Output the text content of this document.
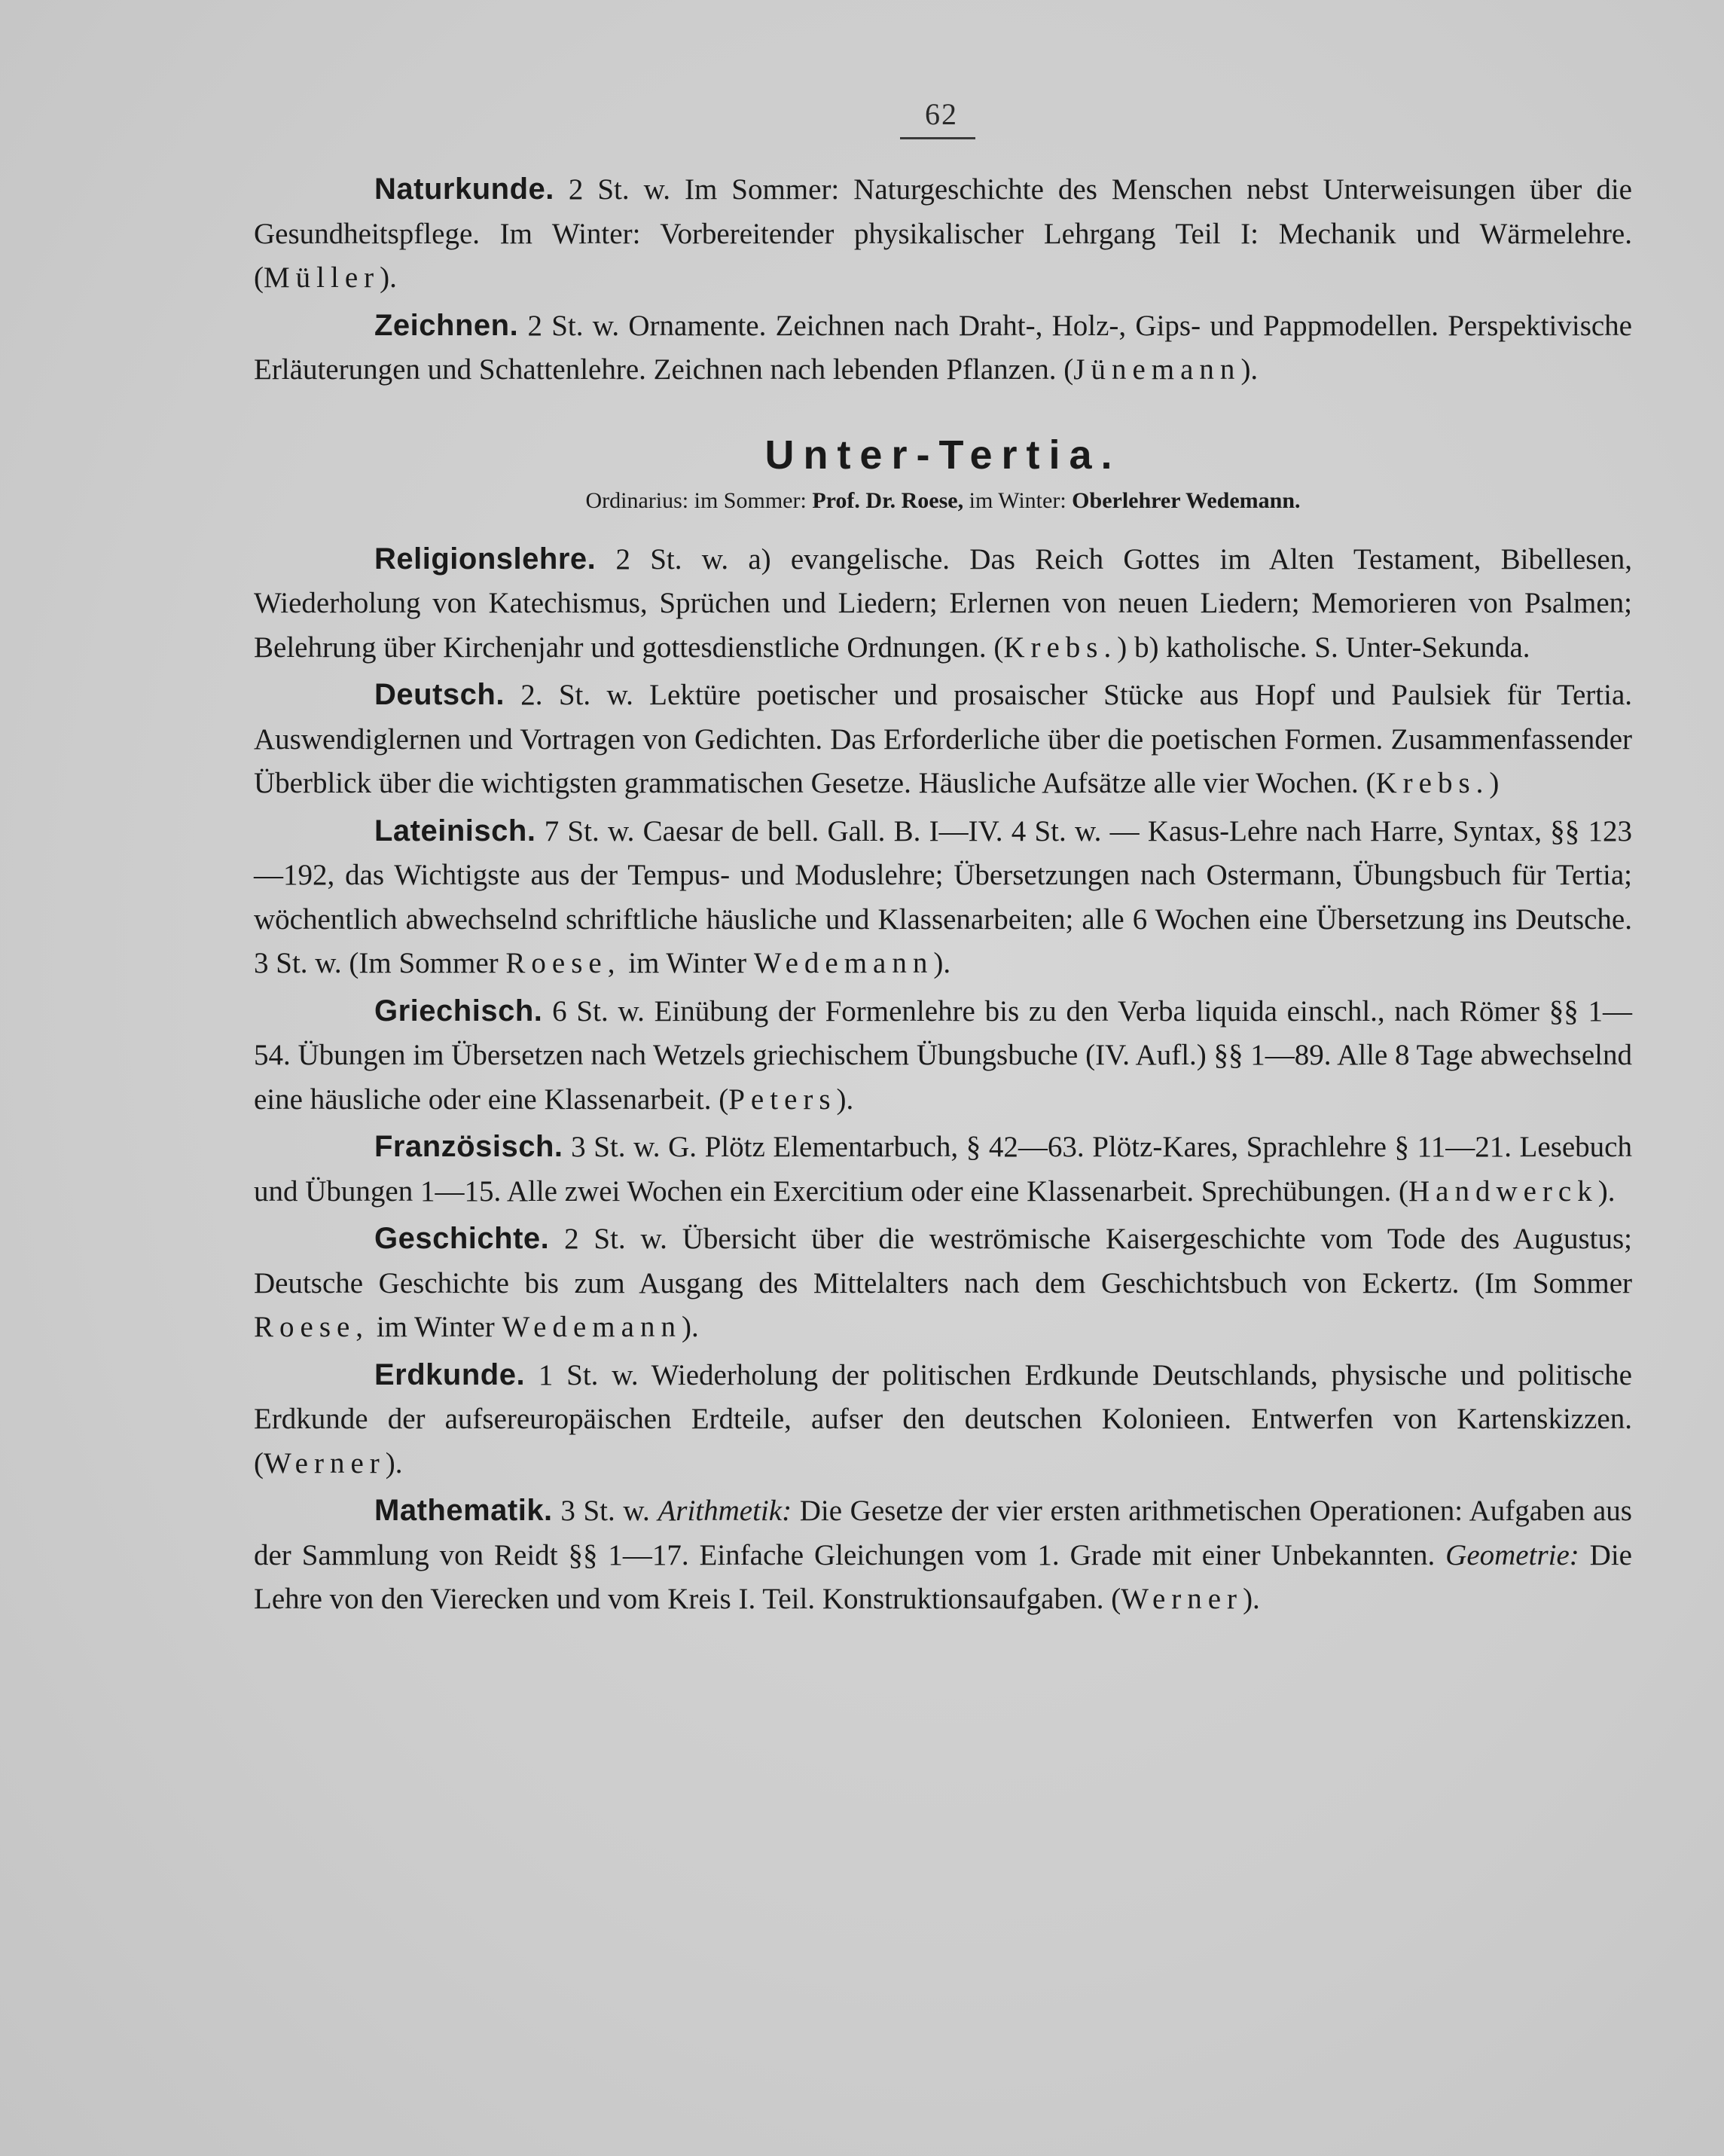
62

Naturkunde. 2 St. w. Im Sommer: Naturgeschichte des Menschen nebst Unterweisungen über die Gesundheitspflege. Im Winter: Vorbereitender physikalischer Lehrgang Teil I: Mechanik und Wärmelehre. (Müller).

Zeichnen. 2 St. w. Ornamente. Zeichnen nach Draht-, Holz-, Gips- und Pappmodellen. Perspektivische Erläuterungen und Schattenlehre. Zeichnen nach lebenden Pflanzen. (Jünemann).

Unter-Tertia.
Ordinarius: im Sommer: Prof. Dr. Roese, im Winter: Oberlehrer Wedemann.

Religionslehre. 2 St. w. a) evangelische. Das Reich Gottes im Alten Testament, Bibellesen, Wiederholung von Katechismus, Sprüchen und Liedern; Erlernen von neuen Liedern; Memorieren von Psalmen; Belehrung über Kirchenjahr und gottesdienstliche Ordnungen. (Krebs.) b) katholische. S. Unter-Sekunda.

Deutsch. 2. St. w. Lektüre poetischer und prosaischer Stücke aus Hopf und Paulsiek für Tertia. Auswendiglernen und Vortragen von Gedichten. Das Erforderliche über die poetischen Formen. Zusammenfassender Überblick über die wichtigsten grammatischen Gesetze. Häusliche Aufsätze alle vier Wochen. (Krebs.)

Lateinisch. 7 St. w. Caesar de bell. Gall. B. I—IV. 4 St. w. — Kasus-Lehre nach Harre, Syntax, §§ 123—192, das Wichtigste aus der Tempus- und Moduslehre; Übersetzungen nach Ostermann, Übungsbuch für Tertia; wöchentlich abwechselnd schriftliche häusliche und Klassenarbeiten; alle 6 Wochen eine Übersetzung ins Deutsche. 3 St. w. (Im Sommer Roese, im Winter Wedemann).

Griechisch. 6 St. w. Einübung der Formenlehre bis zu den Verba liquida einschl., nach Römer §§ 1—54. Übungen im Übersetzen nach Wetzels griechischem Übungsbuche (IV. Aufl.) §§ 1—89. Alle 8 Tage abwechselnd eine häusliche oder eine Klassenarbeit. (Peters).

Französisch. 3 St. w. G. Plötz Elementarbuch, § 42—63. Plötz-Kares, Sprachlehre § 11—21. Lesebuch und Übungen 1—15. Alle zwei Wochen ein Exercitium oder eine Klassenarbeit. Sprechübungen. (Handwerck).

Geschichte. 2 St. w. Übersicht über die weströmische Kaisergeschichte vom Tode des Augustus; Deutsche Geschichte bis zum Ausgang des Mittelalters nach dem Geschichtsbuch von Eckertz. (Im Sommer Roese, im Winter Wedemann).

Erdkunde. 1 St. w. Wiederholung der politischen Erdkunde Deutschlands, physische und politische Erdkunde der aufsereuropäischen Erdteile, aufser den deutschen Kolonieen. Entwerfen von Kartenskizzen. (Werner).

Mathematik. 3 St. w. Arithmetik: Die Gesetze der vier ersten arithmetischen Operationen: Aufgaben aus der Sammlung von Reidt §§ 1—17. Einfache Gleichungen vom 1. Grade mit einer Unbekannten. Geometrie: Die Lehre von den Vierecken und vom Kreis I. Teil. Konstruktionsaufgaben. (Werner).
